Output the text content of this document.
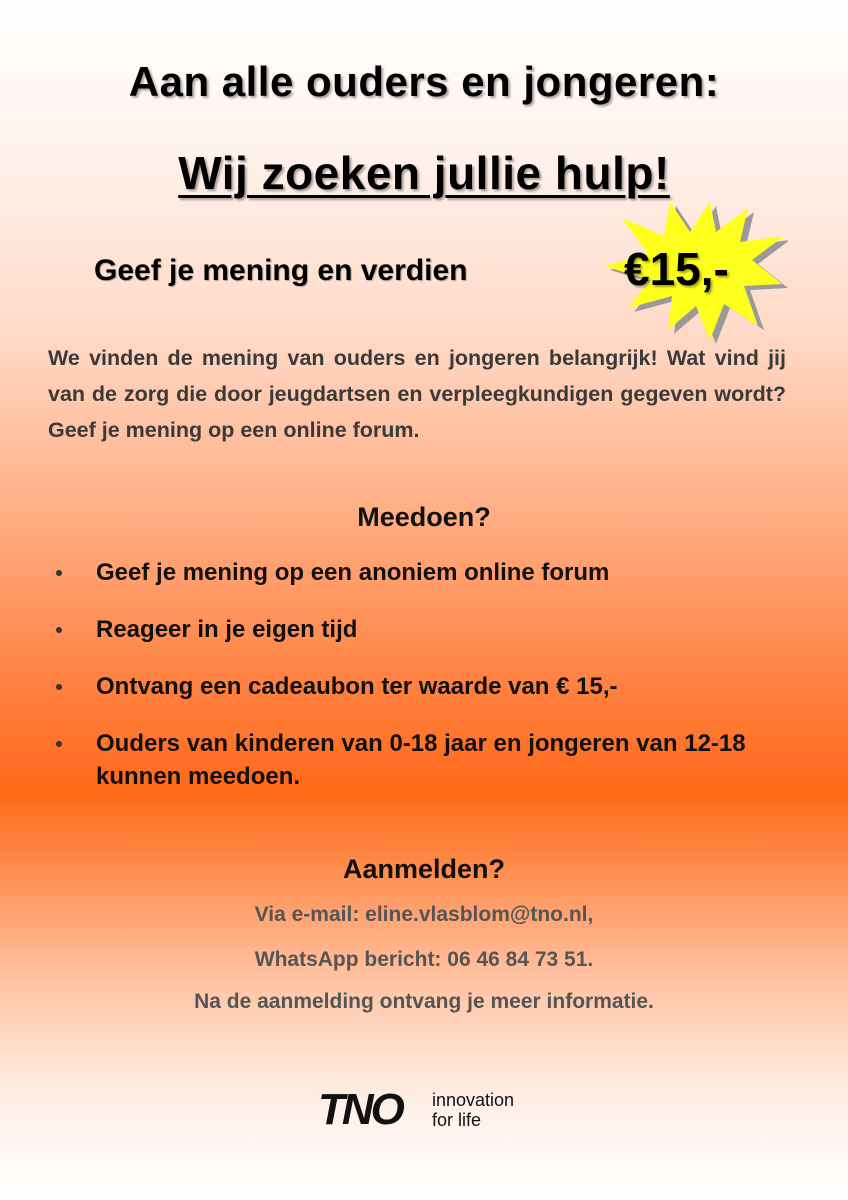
Aan alle ouders en jongeren:
Wij zoeken jullie hulp!
Geef je mening en verdien	€15,-
We vinden de mening van ouders en jongeren belangrijk! Wat vind jij van de zorg die door jeugdartsen en verpleegkundigen gegeven wordt? Geef je mening op een online forum.
Meedoen?
Geef je mening op een anoniem online forum
Reageer in je eigen tijd
Ontvang een cadeaubon ter waarde van € 15,-
Ouders van kinderen van 0-18 jaar en jongeren van 12-18 kunnen meedoen.
Aanmelden?
Via e-mail: eline.vlasblom@tno.nl,
WhatsApp bericht: 06 46 84 73 51.
Na de aanmelding ontvang je meer informatie.
TNO innovation
for life
